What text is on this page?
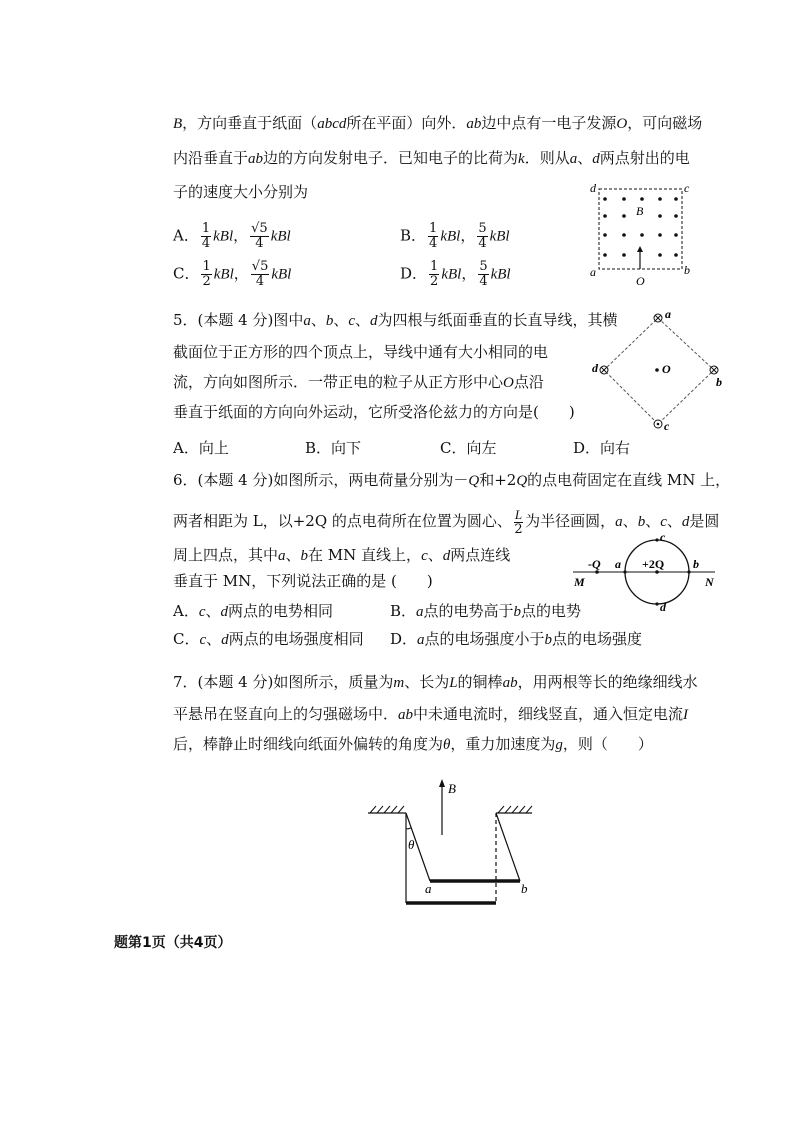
B，方向垂直于纸面（abcd所在平面）向外．ab边中点有一电子发源O，可向磁场
内沿垂直于ab边的方向发射电子．已知电子的比荷为k．则从a、d两点射出的电
子的速度大小分别为
A． $\frac{1}{4}$ kBl， $\frac{√5}{4}$ kBl	B． $\frac{1}{4}$ kBl， $\frac{5}{4}$ kBl
C． $\frac{1}{2}$ kBl， $\frac{√5}{4}$ kBl	D． $\frac{1}{2}$ kBl， $\frac{5}{4}$ kBl
d	c
B
a	b
O
5．(本题 4 分)图中a、b、c、d为四根与纸面垂直的长直导线，其横
截面位于正方形的四个顶点上，导线中通有大小相同的电
流，方向如图所示．一带正电的粒子从正方形中心O点沿
垂直于纸面的方向向外运动，它所受洛伦兹力的方向是(　　)
A．向上	B．向下	C．向左	D．向右
a
b
c
d	O
6．(本题 4 分)如图所示，两电荷量分别为－Q和+2Q的点电荷固定在直线 MN 上，
两者相距为 L，以+2Q 的点电荷所在位置为圆心、 $\frac{L}{2}$ 为半径画圆，a、b、c、d是圆
周上四点，其中a、b在 MN 直线上，c、d两点连线
垂直于 MN，下列说法正确的是 (　　)
A．c、d两点的电势相同	B．a点的电势高于b点的电势
C．c、d两点的电场强度相同 D．a点的电场强度小于b点的电场强度
-Q	+2Q
a	b
c
d
M	N
7．(本题 4 分)如图所示，质量为m、长为L的铜棒ab，用两根等长的绝缘细线水
平悬吊在竖直向上的匀强磁场中．ab中未通电流时，细线竖直，通入恒定电流I
后，棒静止时细线向纸面外偏转的角度为θ，重力加速度为g，则（　　）
B
θ
a	b
题第1页（共4页）
